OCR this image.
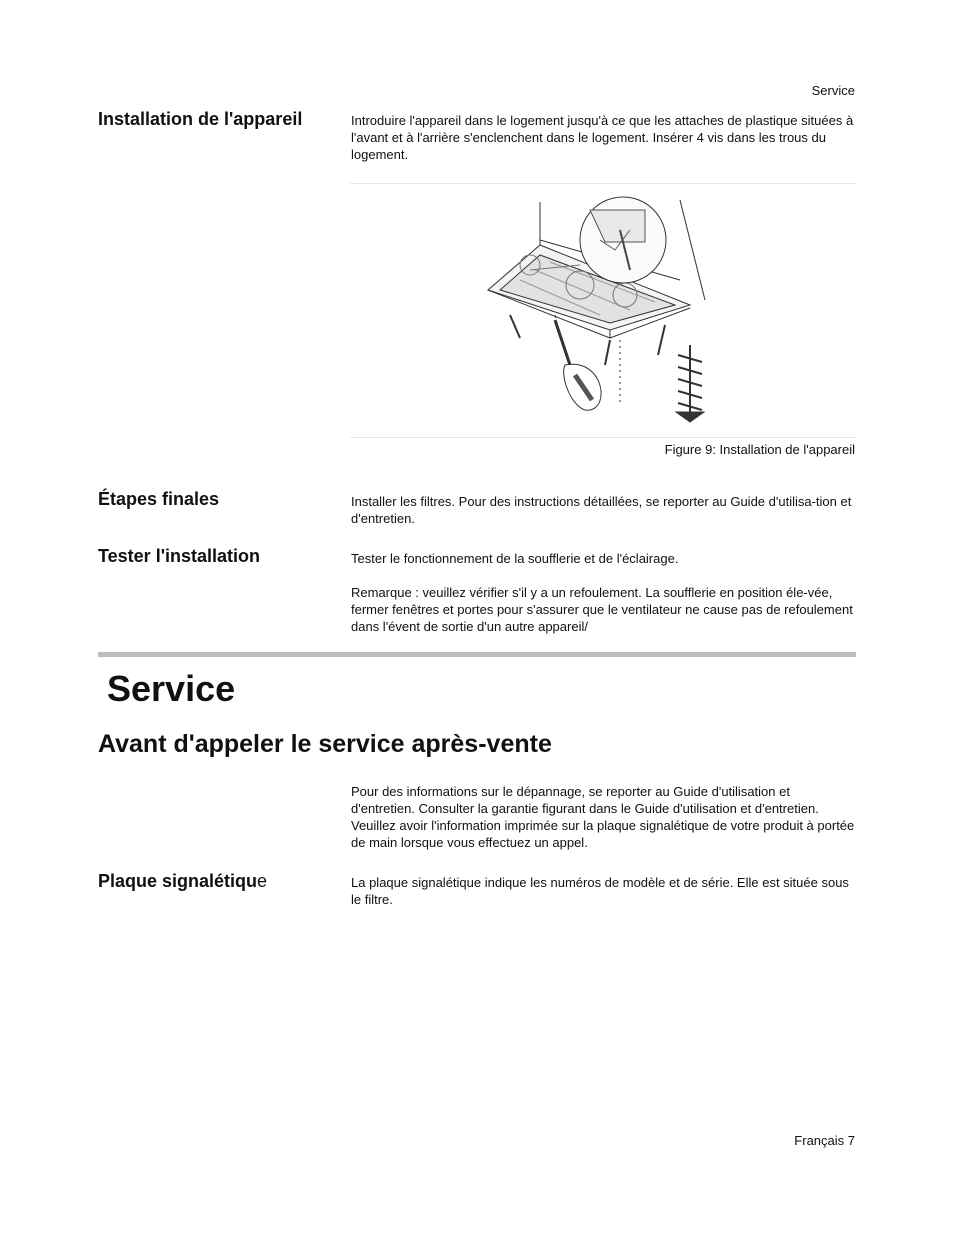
Service
Installation de l'appareil	Introduire l'appareil dans le logement jusqu'à ce que les attaches de plastique situées à l'avant et à l'arrière s'enclenchent dans le logement. Insérer 4 vis dans les trous du logement.

Figure 9: Installation de l'appareil
Étapes finales	Installer les filtres. Pour des instructions détaillées, se reporter au Guide d'utilisa-tion et d'entretien.

Tester l'installation	Tester le fonctionnement de la soufflerie et de l'éclairage.

Remarque : veuillez vérifier s'il y a un refoulement. La soufflerie en position éle-vée, fermer fenêtres et portes pour s'assurer que le ventilateur ne cause pas de refoulement dans l'évent de sortie d'un autre appareil/

Service
Avant d'appeler le service après-vente

Pour des informations sur le dépannage, se reporter au Guide d'utilisation et d'entretien. Consulter la garantie figurant dans le Guide d'utilisation et d'entretien. Veuillez avoir l'information imprimée sur la plaque signalétique de votre produit à portée de main lorsque vous effectuez un appel.

Plaque signalétique	La plaque signalétique indique les numéros de modèle et de série. Elle est située sous le filtre.

Français 7
